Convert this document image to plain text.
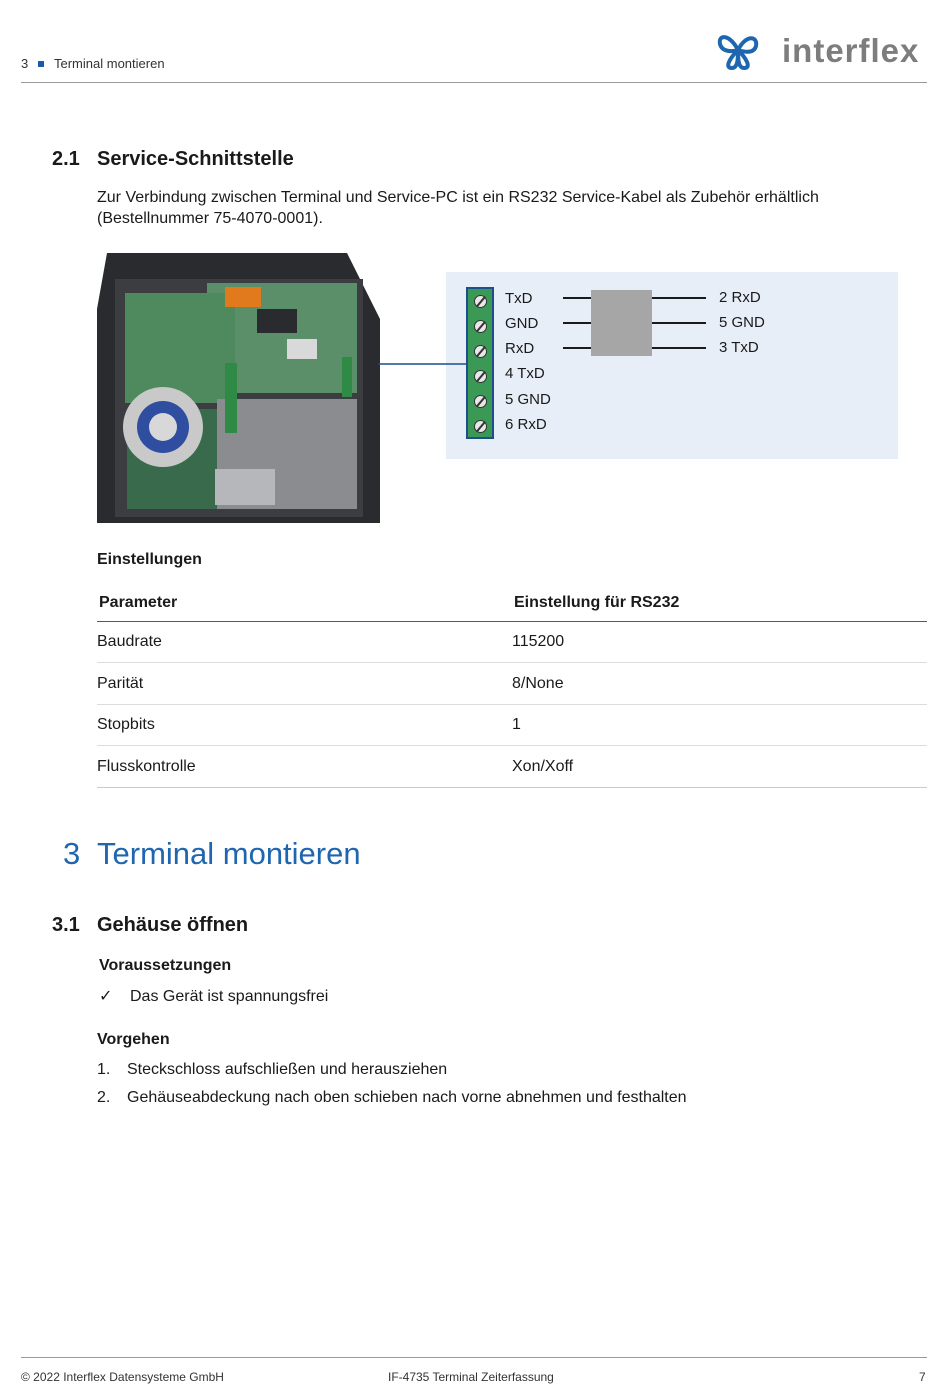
3 Terminal montieren	interflex
2.1 Service-Schnittstelle
Zur Verbindung zwischen Terminal und Service-PC ist ein RS232 Service-Kabel als Zubehör erhältlich
(Bestellnummer 75-4070-0001).
TxD
GND
RxD
4 TxD
5 GND
6 RxD
2 RxD
5 GND
3 TxD
Einstellungen
Parameter	Einstellung für RS232
Baudrate	115200
Parität	8/None
Stopbits	1
Flusskontrolle	Xon/Xoff
3 Terminal montieren
3.1 Gehäuse öffnen
Voraussetzungen
✓ Das Gerät ist spannungsfrei
Vorgehen
1. Steckschloss aufschließen und herausziehen
2. Gehäuseabdeckung nach oben schieben nach vorne abnehmen und festhalten
© 2022 Interflex Datensysteme GmbH	IF-4735 Terminal Zeiterfassung	7
